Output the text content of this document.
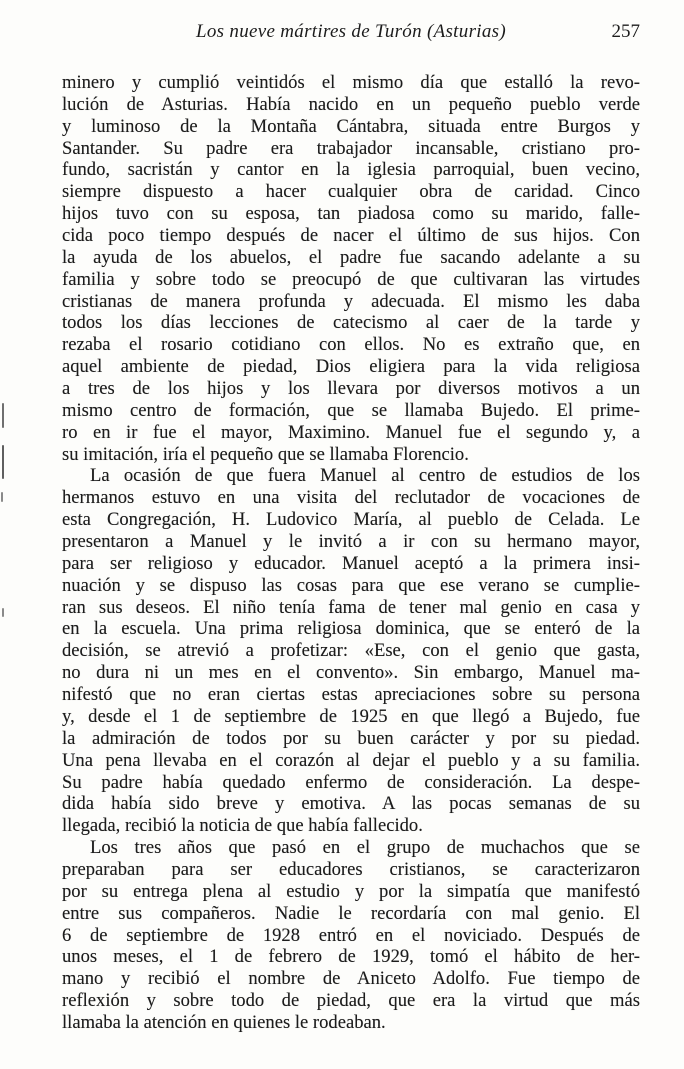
Los nueve mártires de Turón (Asturias)	257
minero y cumplió veintidós el mismo día que estalló la revo-
lución de Asturias. Había nacido en un pequeño pueblo verde
y luminoso de la Montaña Cántabra, situada entre Burgos y
Santander. Su padre era trabajador incansable, cristiano pro-
fundo, sacristán y cantor en la iglesia parroquial, buen vecino,
siempre dispuesto a hacer cualquier obra de caridad. Cinco
hijos tuvo con su esposa, tan piadosa como su marido, falle-
cida poco tiempo después de nacer el último de sus hijos. Con
la ayuda de los abuelos, el padre fue sacando adelante a su
familia y sobre todo se preocupó de que cultivaran las virtudes
cristianas de manera profunda y adecuada. El mismo les daba
todos los días lecciones de catecismo al caer de la tarde y
rezaba el rosario cotidiano con ellos. No es extraño que, en
aquel ambiente de piedad, Dios eligiera para la vida religiosa
a tres de los hijos y los llevara por diversos motivos a un
mismo centro de formación, que se llamaba Bujedo. El prime-
ro en ir fue el mayor, Maximino. Manuel fue el segundo y, a
su imitación, iría el pequeño que se llamaba Florencio.
La ocasión de que fuera Manuel al centro de estudios de los
hermanos estuvo en una visita del reclutador de vocaciones de
esta Congregación, H. Ludovico María, al pueblo de Celada. Le
presentaron a Manuel y le invitó a ir con su hermano mayor,
para ser religioso y educador. Manuel aceptó a la primera insi-
nuación y se dispuso las cosas para que ese verano se cumplie-
ran sus deseos. El niño tenía fama de tener mal genio en casa y
en la escuela. Una prima religiosa dominica, que se enteró de la
decisión, se atrevió a profetizar: «Ese, con el genio que gasta,
no dura ni un mes en el convento». Sin embargo, Manuel ma-
nifestó que no eran ciertas estas apreciaciones sobre su persona
y, desde el 1 de septiembre de 1925 en que llegó a Bujedo, fue
la admiración de todos por su buen carácter y por su piedad.
Una pena llevaba en el corazón al dejar el pueblo y a su familia.
Su padre había quedado enfermo de consideración. La despe-
dida había sido breve y emotiva. A las pocas semanas de su
llegada, recibió la noticia de que había fallecido.
Los tres años que pasó en el grupo de muchachos que se
preparaban para ser educadores cristianos, se caracterizaron
por su entrega plena al estudio y por la simpatía que manifestó
entre sus compañeros. Nadie le recordaría con mal genio. El
6 de septiembre de 1928 entró en el noviciado. Después de
unos meses, el 1 de febrero de 1929, tomó el hábito de her-
mano y recibió el nombre de Aniceto Adolfo. Fue tiempo de
reflexión y sobre todo de piedad, que era la virtud que más
llamaba la atención en quienes le rodeaban.
